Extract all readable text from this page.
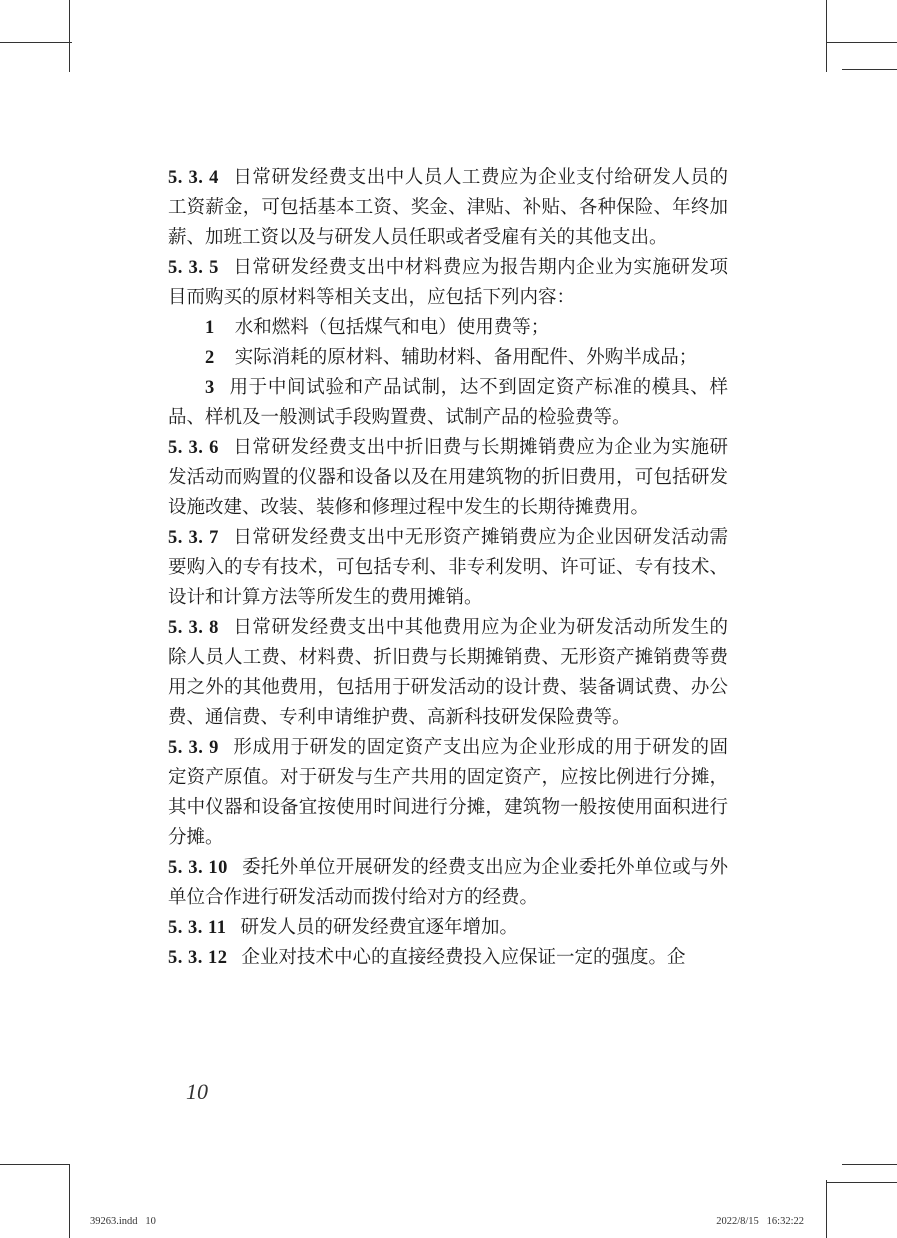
5. 3. 4 日常研发经费支出中人员人工费应为企业支付给研发人员的工资薪金，可包括基本工资、奖金、津贴、补贴、各种保险、年终加薪、加班工资以及与研发人员任职或者受雇有关的其他支出。

5. 3. 5 日常研发经费支出中材料费应为报告期内企业为实施研发项目而购买的原材料等相关支出，应包括下列内容：

1 水和燃料（包括煤气和电）使用费等；

2 实际消耗的原材料、辅助材料、备用配件、外购半成品；

3 用于中间试验和产品试制，达不到固定资产标准的模具、样品、样机及一般测试手段购置费、试制产品的检验费等。

5. 3. 6 日常研发经费支出中折旧费与长期摊销费应为企业为实施研发活动而购置的仪器和设备以及在用建筑物的折旧费用，可包括研发设施改建、改装、装修和修理过程中发生的长期待摊费用。

5. 3. 7 日常研发经费支出中无形资产摊销费应为企业因研发活动需要购入的专有技术，可包括专利、非专利发明、许可证、专有技术、设计和计算方法等所发生的费用摊销。

5. 3. 8 日常研发经费支出中其他费用应为企业为研发活动所发生的除人员人工费、材料费、折旧费与长期摊销费、无形资产摊销费等费用之外的其他费用，包括用于研发活动的设计费、装备调试费、办公费、通信费、专利申请维护费、高新科技研发保险费等。

5. 3. 9 形成用于研发的固定资产支出应为企业形成的用于研发的固定资产原值。对于研发与生产共用的固定资产，应按比例进行分摊，其中仪器和设备宜按使用时间进行分摊，建筑物一般按使用面积进行分摊。

5. 3. 10 委托外单位开展研发的经费支出应为企业委托外单位或与外单位合作进行研发活动而拨付给对方的经费。

5. 3. 11 研发人员的研发经费宜逐年增加。

5. 3. 12 企业对技术中心的直接经费投入应保证一定的强度。企

10
39263.indd   10	2022/8/15   16:32:22
